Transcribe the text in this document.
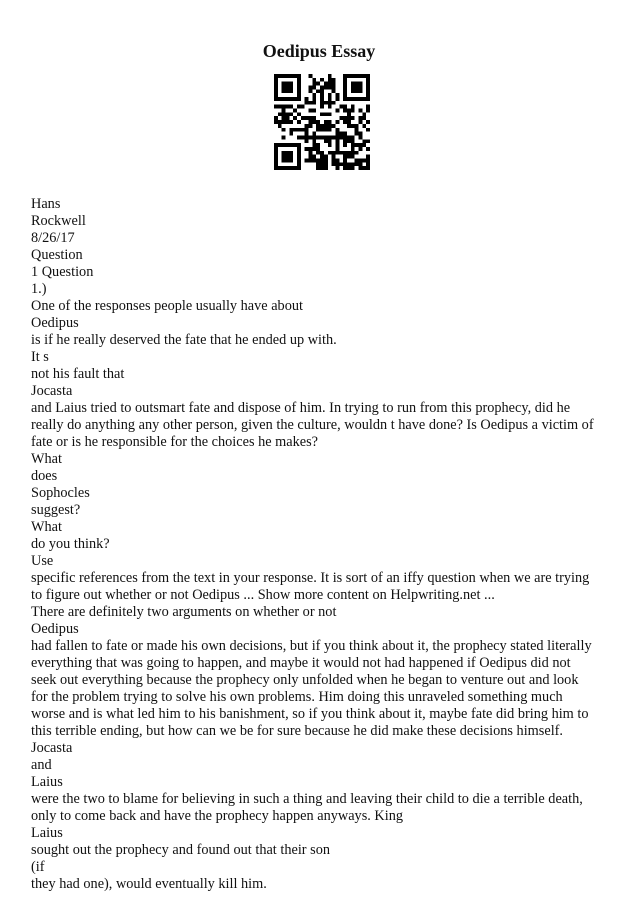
Oedipus Essay
Hans
Rockwell
8/26/17
Question
1 Question
1.)
One of the responses people usually have about
Oedipus
is if he really deserved the fate that he ended up with.
It s
not his fault that
Jocasta
and Laius tried to outsmart fate and dispose of him. In trying to run from this prophecy, did he
really do anything any other person, given the culture, wouldn t have done? Is Oedipus a victim of
fate or is he responsible for the choices he makes?
What
does
Sophocles
suggest?
What
do you think?
Use
specific references from the text in your response. It is sort of an iffy question when we are trying
to figure out whether or not Oedipus ... Show more content on Helpwriting.net ...
There are definitely two arguments on whether or not
Oedipus
had fallen to fate or made his own decisions, but if you think about it, the prophecy stated literally
everything that was going to happen, and maybe it would not had happened if Oedipus did not
seek out everything because the prophecy only unfolded when he began to venture out and look
for the problem trying to solve his own problems. Him doing this unraveled something much
worse and is what led him to his banishment, so if you think about it, maybe fate did bring him to
this terrible ending, but how can we be for sure because he did make these decisions himself.
Jocasta
and
Laius
were the two to blame for believing in such a thing and leaving their child to die a terrible death,
only to come back and have the prophecy happen anyways. King
Laius
sought out the prophecy and found out that their son
(if
they had one), would eventually kill him.
